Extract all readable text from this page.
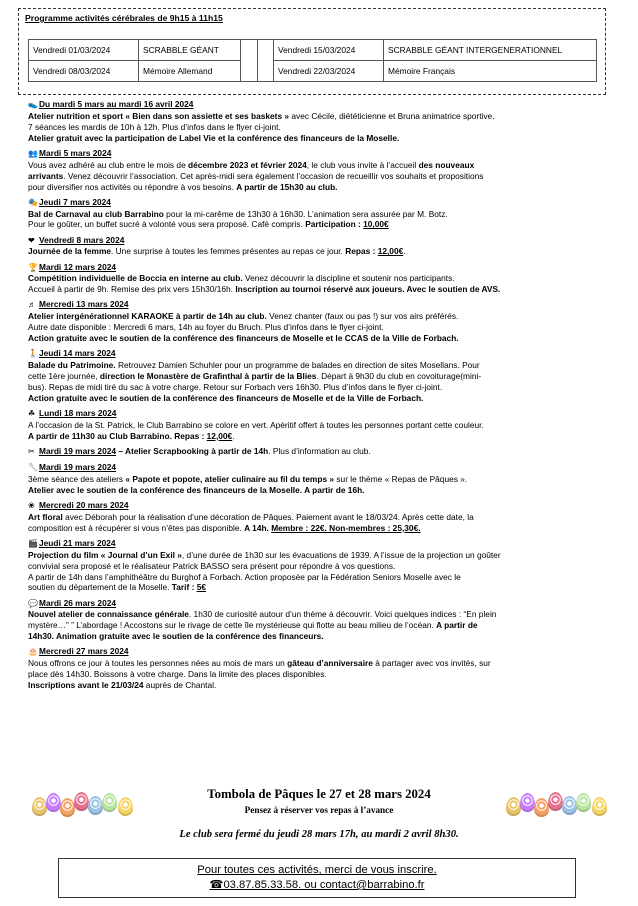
Programme activités cérébrales de 9h15 à 11h15
Vendredi 01/03/2024	SCRABBLE GÉANT			Vendredi 15/03/2024	SCRABBLE GÉANT INTERGENERATIONNEL
Vendredi 08/03/2024	Mémoire Allemand			Vendredi 22/03/2024	Mémoire Français
👟Du mardi 5 mars au mardi 16 avril 2024
Atelier nutrition et sport « Bien dans son assiette et ses baskets » avec Cécile, diététicienne et Bruna animatrice sportive.
7 séances les mardis de 10h à 12h. Plus d’infos dans le flyer ci-joint.
Atelier gratuit avec la participation de Label Vie et la conférence des financeurs de la Moselle.
👥Mardi 5 mars 2024
Vous avez adhéré au club entre le mois de décembre 2023 et février 2024, le club vous invite à l’accueil des nouveaux
arrivants. Venez découvrir l’association. Cet après-midi sera également l’occasion de recueillir vos souhaits et propositions
pour diversifier nos activités ou répondre à vos besoins. A partir de 15h30 au club.
🎭Jeudi 7 mars 2024
Bal de Carnaval au club Barrabino pour la mi-carême de 13h30 à 16h30. L’animation sera assurée par M. Botz.
Pour le goûter, un buffet sucré à volonté vous sera proposé. Café compris. Participation : 10,00€
❤ Vendredi 8 mars 2024
Journée de la femme. Une surprise à toutes les femmes présentes au repas ce jour. Repas : 12,00€.
🏆Mardi 12 mars 2024
Compétition individuelle de Boccia en interne au club. Venez découvrir la discipline et soutenir nos participants.
Accueil à partir de 9h. Remise des prix vers 15h30/16h. Inscription au tournoi réservé aux joueurs. Avec le soutien de AVS.
♬ Mercredi 13 mars 2024
Atelier intergénérationnel KARAOKE à partir de 14h au club. Venez chanter (faux ou pas !) sur vos airs préférés.
Autre date disponible : Mercredi 6 mars, 14h au foyer du Bruch. Plus d’infos dans le flyer ci-joint.
Action gratuite avec le soutien de la conférence des financeurs de Moselle et le CCAS de la Ville de Forbach.
🚶Jeudi 14 mars 2024
Balade du Patrimoine. Retrouvez Damien Schuhler pour un programme de balades en direction de sites Mosellans. Pour
cette 1ère journée, direction le Monastère de Grafinthal à partir de la Blies. Départ à 9h30 du club en covoiturage(mini-
bus). Repas de midi tiré du sac à votre charge. Retour sur Forbach vers 16h30. Plus d’infos dans le flyer ci-joint.
Action gratuite avec le soutien de la conférence des financeurs de Moselle et de la Ville de Forbach.
☘ Lundi 18 mars 2024
A l’occasion de la St. Patrick, le Club Barrabino se colore en vert. Apéritif offert à toutes les personnes portant cette couleur.
A partir de 11h30 au Club Barrabino. Repas : 12,00€.
✂ Mardi 19 mars 2024 – Atelier Scrapbooking à partir de 14h. Plus d’information au club.
🥄Mardi 19 mars 2024
3ème séance des ateliers « Papote et popote, atelier culinaire au fil du temps » sur le thème « Repas de Pâques ».
Atelier avec le soutien de la conférence des financeurs de la Moselle. A partir de 16h.
❀ Mercredi 20 mars 2024
Art floral avec Déborah pour la réalisation d’une décoration de Pâques. Paiement avant le 18/03/24. Après cette date, la
composition est à récupérer si vous n’êtes pas disponible. A 14h. Membre : 22€. Non-membres : 25,30€.
🎬Jeudi 21 mars 2024
Projection du film « Journal d’un Exil », d’une durée de 1h30 sur les évacuations de 1939. A l’issue de la projection un goûter
convivial sera proposé et le réalisateur Patrick BASSO sera présent pour répondre à vos questions.
A partir de 14h dans l’amphithéâtre du Burghof à Forbach. Action proposée par la Fédération Seniors Moselle avec le
soutien du département de la Moselle. Tarif : 5€
💬Mardi 26 mars 2024
Nouvel atelier de connaissance générale. 1h30 de curiosité autour d’un thème à découvrir. Voici quelques indices : “En plein
mystère…” ” L’abordage ! Accostons sur le rivage de cette île mystérieuse qui flotte au beau milieu de l’océan. A partir de
14h30. Animation gratuite avec le soutien de la conférence des financeurs.
🎂Mercredi 27 mars 2024
Nous offrons ce jour à toutes les personnes nées au mois de mars un gâteau d’anniversaire à partager avec vos invités, sur
place dès 14h30. Boissons à votre charge. Dans la limite des places disponibles.
Inscriptions avant le 21/03/24 auprès de Chantal.
Tombola de Pâques le 27 et 28 mars 2024
Pensez à réserver vos repas à l’avance
Le club sera fermé du jeudi 28 mars 17h, au mardi 2 avril 8h30.
Pour toutes ces activités, merci de vous inscrire.
☎03.87.85.33.58. ou contact@barrabino.fr
